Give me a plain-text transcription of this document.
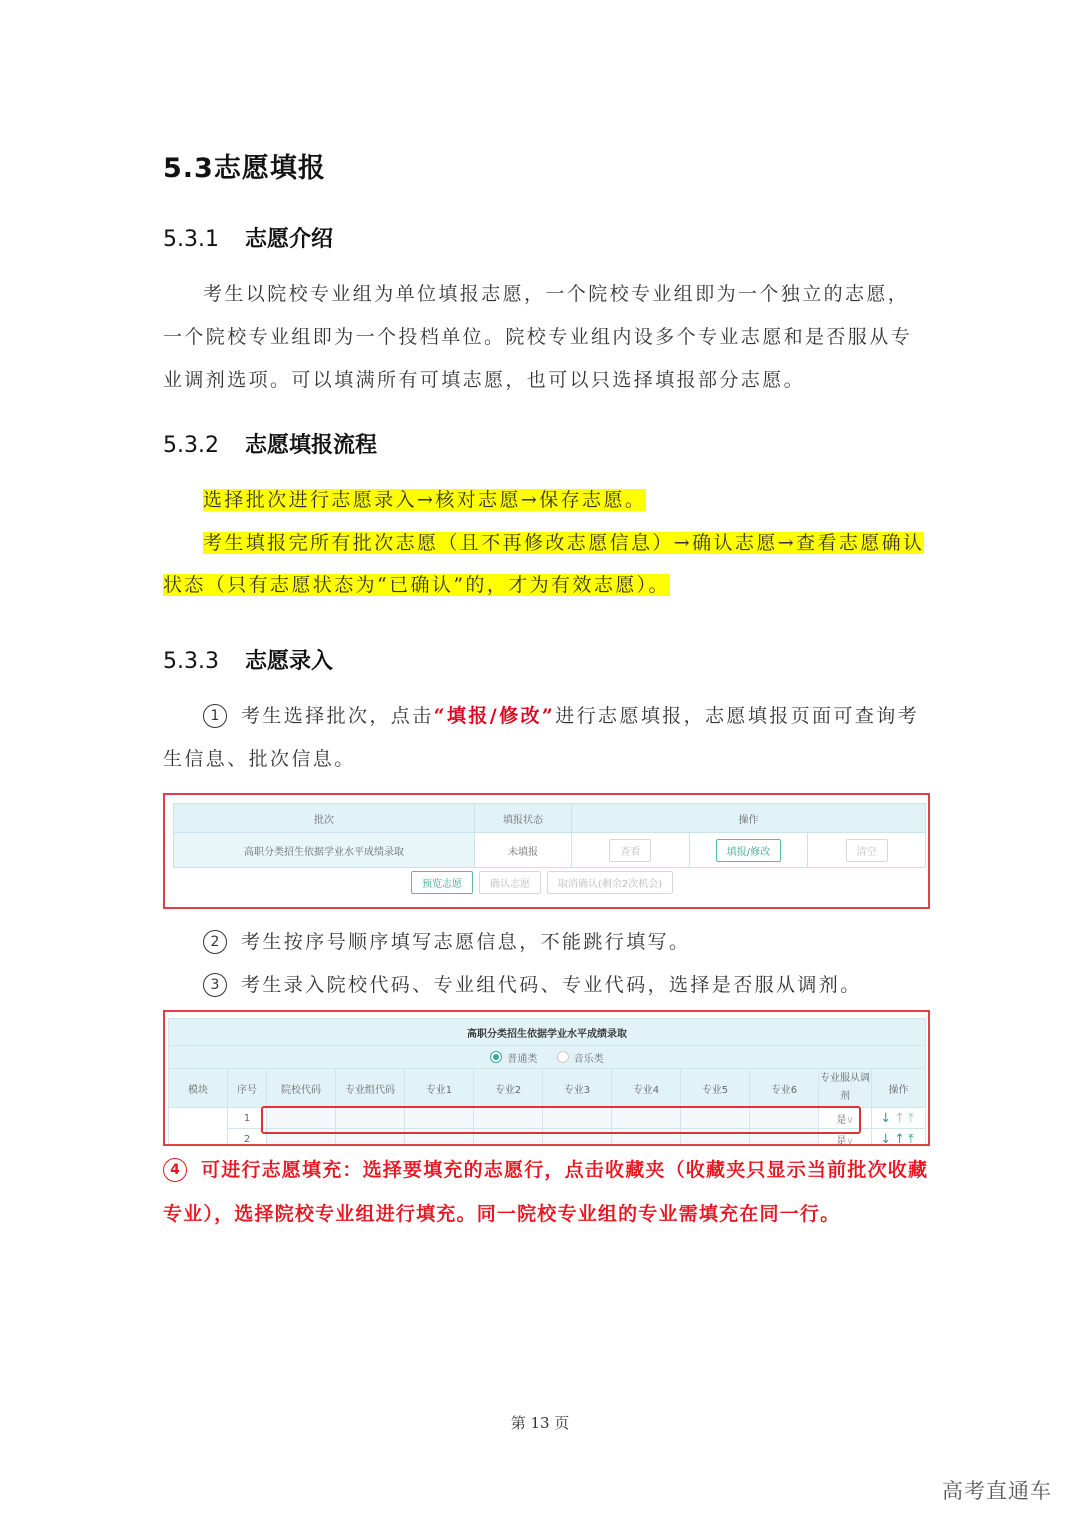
5.3志愿填报
5.3.1 志愿介绍
考生以院校专业组为单位填报志愿，一个院校专业组即为一个独立的志愿，一个院校专业组即为一个投档单位。院校专业组内设多个专业志愿和是否服从专业调剂选项。可以填满所有可填志愿，也可以只选择填报部分志愿。
5.3.2 志愿填报流程
选择批次进行志愿录入→核对志愿→保存志愿。
考生填报完所有批次志愿（且不再修改志愿信息）→确认志愿→查看志愿确认状态（只有志愿状态为“已确认”的，才为有效志愿）。
5.3.3 志愿录入
1 考生选择批次，点击“填报/修改”进行志愿填报，志愿填报页面可查询考生信息、批次信息。
批次	填报状态	操作		
高职分类招生依据学业水平成绩录取	未填报	查看	填报/修改	清空
预览志愿	确认志愿	取消确认(剩余2次机会)
2 考生按序号顺序填写志愿信息，不能跳行填写。
3 考生录入院校代码、专业组代码、专业代码，选择是否服从调剂。
高职分类招生依据学业水平成绩录取											
普通类 音乐类											
模块	序号	院校代码	专业组代码	专业1	专业2	专业3	专业4	专业5	专业6	专业服从调剂	操作
	1									是∨	↓↑⤒
	2									是∨	↓↑⤒
4 可进行志愿填充：选择要填充的志愿行，点击收藏夹（收藏夹只显示当前批次收藏专业），选择院校专业组进行填充。同一院校专业组的专业需填充在同一行。
第 13 页
高考直通车
